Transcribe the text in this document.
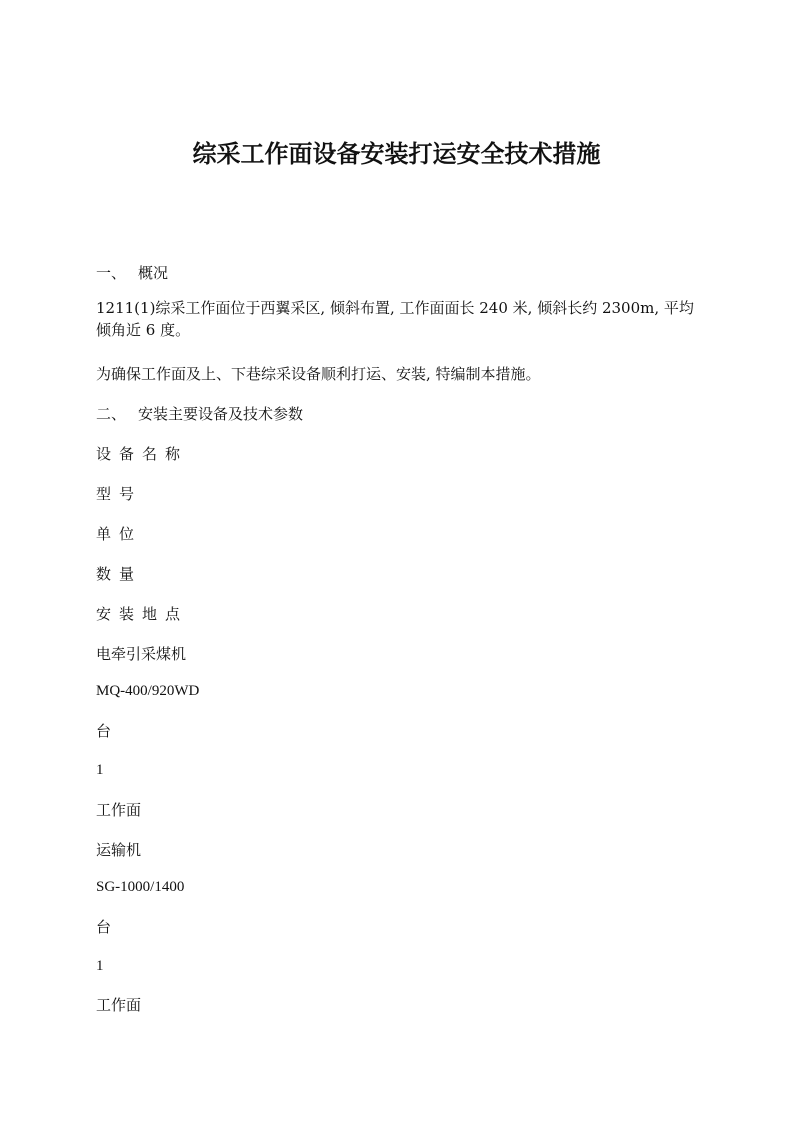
综采工作面设备安装打运安全技术措施

一、 概况

1211(1)综采工作面位于西翼采区, 倾斜布置, 工作面面长 240 米, 倾斜长约 2300m, 平均倾角近 6 度。

为确保工作面及上、下巷综采设备顺利打运、安装, 特编制本措施。

二、 安装主要设备及技术参数

设备名称

型号

单位

数量

安装地点

电牵引采煤机

MQ-400/920WD

台

1

工作面

运输机

SG-1000/1400

台

1

工作面
